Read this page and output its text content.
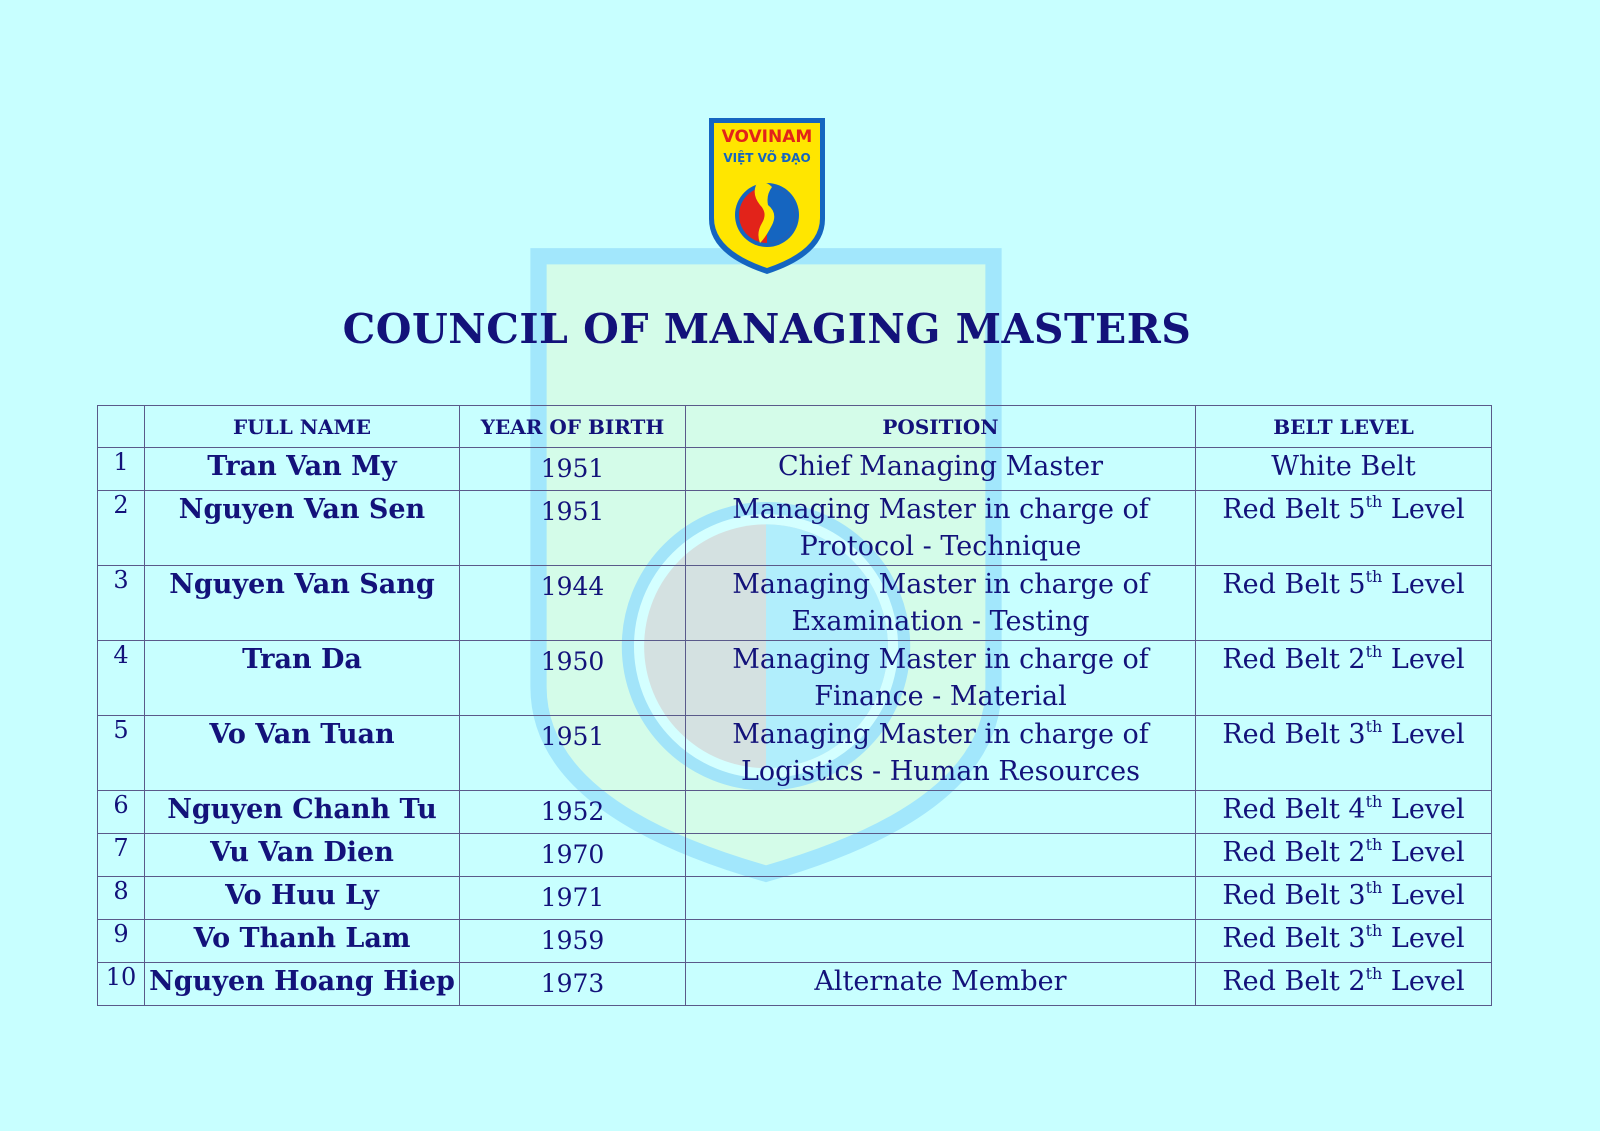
VOVINAM
VIỆT VÕ ĐẠO
COUNCIL OF MANAGING MASTERS
	FULL NAME	YEAR OF BIRTH	POSITION	BELT LEVEL
1	Tran Van My	1951	Chief Managing Master	White Belt
2	Nguyen Van Sen	1951	Managing Master in charge of
Protocol - Technique	Red Belt 5th Level
3	Nguyen Van Sang	1944	Managing Master in charge of
Examination - Testing	Red Belt 5th Level
4	Tran Da	1950	Managing Master in charge of
Finance - Material	Red Belt 2th Level
5	Vo Van Tuan	1951	Managing Master in charge of
Logistics - Human Resources	Red Belt 3th Level
6	Nguyen Chanh Tu	1952		Red Belt 4th Level
7	Vu Van Dien	1970		Red Belt 2th Level
8	Vo Huu Ly	1971		Red Belt 3th Level
9	Vo Thanh Lam	1959		Red Belt 3th Level
10	Nguyen Hoang Hiep	1973	Alternate Member	Red Belt 2th Level
